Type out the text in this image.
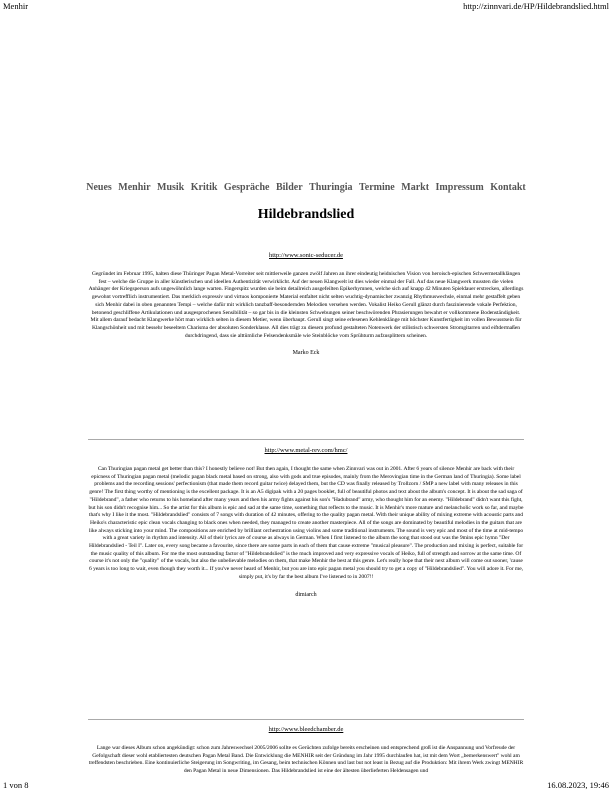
Menhir	http://zinnvari.de/HP/Hildebrandslied.html
Neues Menhir Musik Kritik Gespräche Bilder Thuringia Termine Markt Impressum Kontakt
Hildebrandslied
http://www.sonic-seducer.de

Gegründet im Februar 1995, halten diese Thüringer Pagan Metal-Vorreiter seit mittlerweile ganzen zwölf Jahren an ihrer eindeutig heidnischen Vision von heroisch-epischen Schwermetallklängen fest – welche die Gruppe in aller künstlerischen und ideellen Authentizität verwirklicht. Auf der neuen Klangwelt ist dies wieder einmal der Fall. Auf das neue Klangwerk mussten die vielen Anhänger der Kriegsperson aufs ungewöhnlich lange warten. Fingerspitz wurden sie beim detailreich ausgefeilten Epikerhymnen, welche sich auf knapp 42 Minuten Spieldauer erstrecken, allerdings gewohnt vortrefflich instrumentiert. Das merklich expressiv und virtuos komponierte Material entfaltet nicht selten wuchtig-dynamischer zwanzig Rhythmuswechsle, einmal mehr gestaffelt geben sich Menhir dabei in oben genannten Tempi – welche dafür mit wirklich tanzbaff-besondernden Melodien versehen werden. Vokalist Heiko Gerull glänzt durch faszinierende vokale Perfektion, betonend geschliffene Artikulationen und ausgesprochenen Sensibilität – so gar bis in die kleinsten Schwebungen seiner beschwörenden Phrasierungen bewahrt er vollkommene Bodenständigkeit. Mit allem darauf bedacht Klangwerke hört man wirklich selten in diesem Metier, wenn überhaupt. Gerull singt seine erlesenen Kehlenklänge mit höchster Kunstfertigkeit im vollen Bewusstsein für Klangschönheit und mit bessehr beseeltem Charisma der absoluten Sonderklasse. All dies trägt zu diesem profund gestalteten Notenwerk der stilistisch schwersten Stromgitarren und eiftdermaßen durchdringend, dass sie alttümliche Felsendenksmäle wie Steinblöcke vom Sprühturm aufzusplittern scheinen.

Marko Eck
http://www.metal-rev.com/hmc/

Can Thuringian pagan metal get better than this? I honestly believe not! But then again, I thought the same when Zinnvari was out in 2001. After 6 years of silence Menhir are back with their epicness of Thuringian pagan metal (melodic pagan black metal based on strong, also with gods and true episodes, mainly from the Merovingian time in the German land of Thuringia). Some label problems and the recording sessions' perfectionism (that made them record guitar twice) delayed them, but the CD was finally released by Trollzorn / SMP a new label with many releases in this genre! The first thing worthy of mentioning is the excellent package. It is an A5 digipak with a 20 pages booklet, full of beautiful photos and text about the album's concept. It is about the sad saga of "Hildebrand", a father who returns to his homeland after many years and then his army fights against his son's "Hadubrand" army, who thought him for an enemy. "Hildebrand" didn't want this fight, but his son didn't recognise him... So the artist for this album is epic and sad at the same time, something that reflects to the music. It is Menhir's more mature and melancholic work so far, and maybe that's why I like it the most. "Hildebrandslied" consists of 7 songs with duration of 42 minutes, offering to the quality pagan metal. With their unique ability of mixing extreme with acoustic parts and Heiko's characteristic epic clean vocals changing to black ones when needed, they managed to create another masterpiece. All of the songs are dominated by beautiful melodies in the guitars that are like always sticking into your mind. The compositions are enriched by brilliant orchestration using violins and some traditional instruments. The sound is very epic and most of the time at mid-tempo with a great variety in rhythm and intensity. All of their lyrics are of course as always in German. When I first listened to the album the song that stood out was the 9mins epic hymn "Der Hildebrandslied - Teil I". Later on, every song became a favourite, since there are some parts in each of them that cause extreme "musical pleasure". The production and mixing is perfect, suitable for the music quality of this album. For me the most outstanding factor of "Hildebrandslied" is the much improved and very expressive vocals of Heiko, full of strength and sorrow at the same time. Of course it's not only the "quality" of the vocals, but also the unbelievable melodies on them, that make Menhir the best at this genre. Let's really hope that their next album will come out sooner, 'cause 6 years is too long to wait, even though they worth it... If you've never heard of Menhir, but you are into epic pagan metal you should try to get a copy of "Hildebrandslied". You will adore it. For me, simply put, it's by far the best album I've listened to in 2007!!

dimiarch
http://www.bleedchamber.de

Lange war dieses Album schon angekündigt: schon zum Jahreswechsel 2005/2006 sollte es Gerüchten zufolge bereits erscheinen und entsprechend groß ist die Anspannung und Vorfreude der Gefolgschaft dieser wohl etabliertesten deutschen Pagan Metal Band. Die Entwicklung die MENHIR seit der Gründung im Jahr 1995 durchlaufen hat, ist mit dem Wort „bemerkenswert" wohl am treffendsten beschrieben. Eine kontinuierliche Steigerung im Songwriting, im Gesang, beim technischen Können und last but not least in Bezug auf die Produktion: Mit ihrem Werk zwingt MENHIR den Pagan Metal in neue Dimensionen. Das Hildebrandslied ist eine der ältesten überlieferten Heldensagen und

1 von 8	16.08.2023, 19:46
